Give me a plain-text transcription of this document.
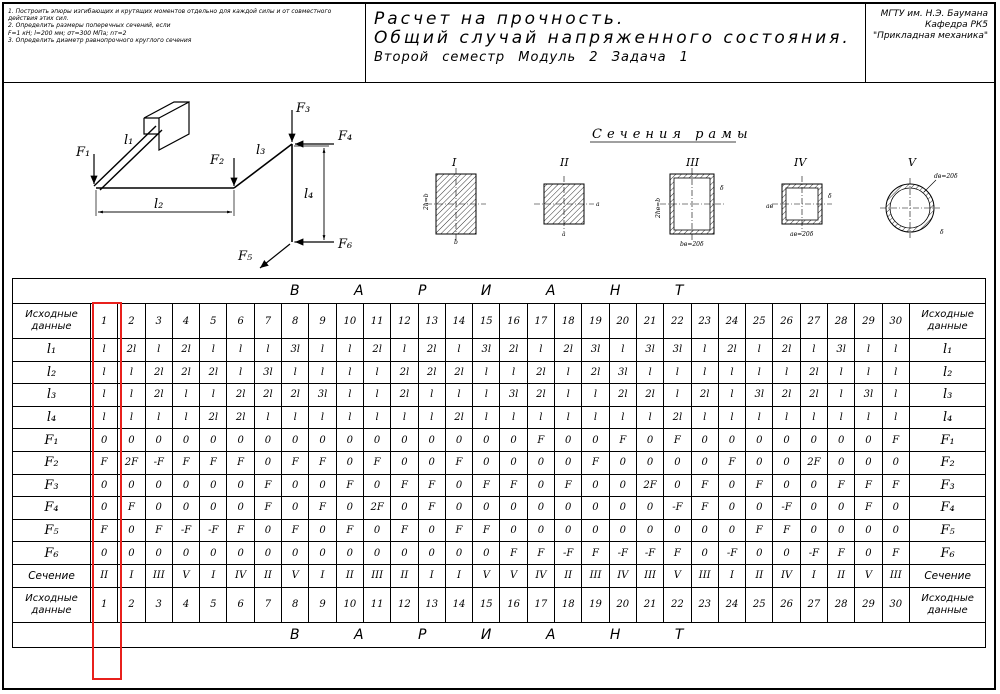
1. Построить эпюры изгибающих и крутящих моментов отдельно для каждой силы и от совместного действия этих сил.
2. Определить размеры поперечных сечений, если
F=1 кН; l=200 мм; σт=300 МПа; nт=2
3. Определить диаметр равнопрочного круглого сечения
Расчет на прочность.
Общий случай напряженного состояния.
Второй семестр Модуль 2 Задача 1
МГТУ им. Н.Э. Баумана
Кафедра РК5
"Прикладная механика"
F₁
F₂
F₃
F₄
F₅
F₆
l₁
l₂
l₃
l₄
Сечения рамы
I
2h=b
b
II
a
a
III
2hв=b
δ
bв=20δ
IV
aв
δ
aв=20δ
V
dв=20δ
δ
В А Р И А Н Т																															
Исходные данные	1	2	3	4	5	6	7	8	9	10	11	12	13	14	15	16	17	18	19	20	21	22	23	24	25	26	27	28	29	30	Исходные данные
l₁	l	2l	l	2l	l	l	l	3l	l	l	2l	l	2l	l	3l	2l	l	2l	3l	l	3l	3l	l	2l	l	2l	l	3l	l	l	l₁
l₂	l	l	2l	2l	2l	l	3l	l	l	l	l	2l	2l	2l	l	l	2l	l	2l	3l	l	l	l	l	l	l	2l	l	l	l	l₂
l₃	l	l	2l	l	l	2l	2l	2l	3l	l	l	2l	l	l	l	3l	2l	l	l	2l	2l	l	2l	l	3l	2l	2l	l	3l	l	l₃
l₄	l	l	l	l	2l	2l	l	l	l	l	l	l	l	2l	l	l	l	l	l	l	l	2l	l	l	l	l	l	l	l	l	l₄
F₁	0	0	0	0	0	0	0	0	0	0	0	0	0	0	0	0	F	0	0	F	0	F	0	0	0	0	0	0	0	F	F₁
F₂	F	2F	-F	F	F	F	0	F	F	0	F	0	0	F	0	0	0	0	F	0	0	0	0	F	0	0	2F	0	0	0	F₂
F₃	0	0	0	0	0	0	F	0	0	F	0	F	F	0	F	F	0	F	0	0	2F	0	F	0	F	0	0	F	F	F	F₃
F₄	0	F	0	0	0	0	F	0	F	0	2F	0	F	0	0	0	0	0	0	0	0	-F	F	0	0	-F	0	0	F	0	F₄
F₅	F	0	F	-F	-F	F	0	F	0	F	0	F	0	F	F	0	0	0	0	0	0	0	0	0	F	F	0	0	0	0	F₅
F₆	0	0	0	0	0	0	0	0	0	0	0	0	0	0	0	F	F	-F	F	-F	-F	F	0	-F	0	0	-F	F	0	F	F₆
Сечение	II	I	III	V	I	IV	II	V	I	II	III	II	I	I	V	V	IV	II	III	IV	III	V	III	I	II	IV	I	II	V	III	Сечение
Исходные данные	1	2	3	4	5	6	7	8	9	10	11	12	13	14	15	16	17	18	19	20	21	22	23	24	25	26	27	28	29	30	Исходные данные
В А Р И А Н Т																															
